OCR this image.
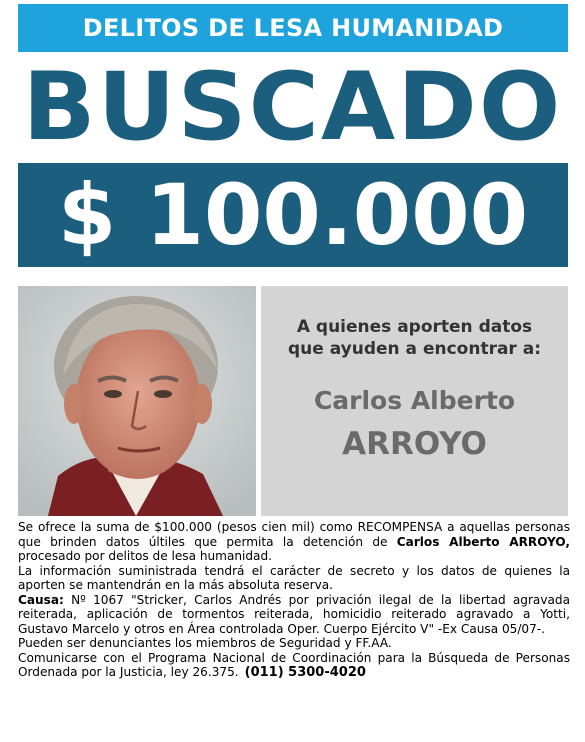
DELITOS DE LESA HUMANIDAD
BUSCADO
$ 100.000
A quienes aporten datos
que ayuden a encontrar a:
Carlos Alberto
ARROYO

Se ofrece la suma de $100.000 (pesos cien mil) como RECOMPENSA a aquellas personas que brinden datos últiles que permita la detención de Carlos Alberto ARROYO, procesado por delitos de lesa humanidad.

La información suministrada tendrá el carácter de secreto y los datos de quienes la aporten se mantendrán en la más absoluta reserva.

Causa: Nº 1067 "Stricker, Carlos Andrés por privación ilegal de la libertad agravada reiterada, aplicación de tormentos reiterada, homicidio reiterado agravado a Yotti, Gustavo Marcelo y otros en Área controlada Oper. Cuerpo Ejército V" -Ex Causa 05/07-.

Pueden ser denunciantes los miembros de Seguridad y FF.AA.

Comunicarse con el Programa Nacional de Coordinación para la Búsqueda de Personas Ordenada por la Justicia, ley 26.375. (011) 5300-4020
